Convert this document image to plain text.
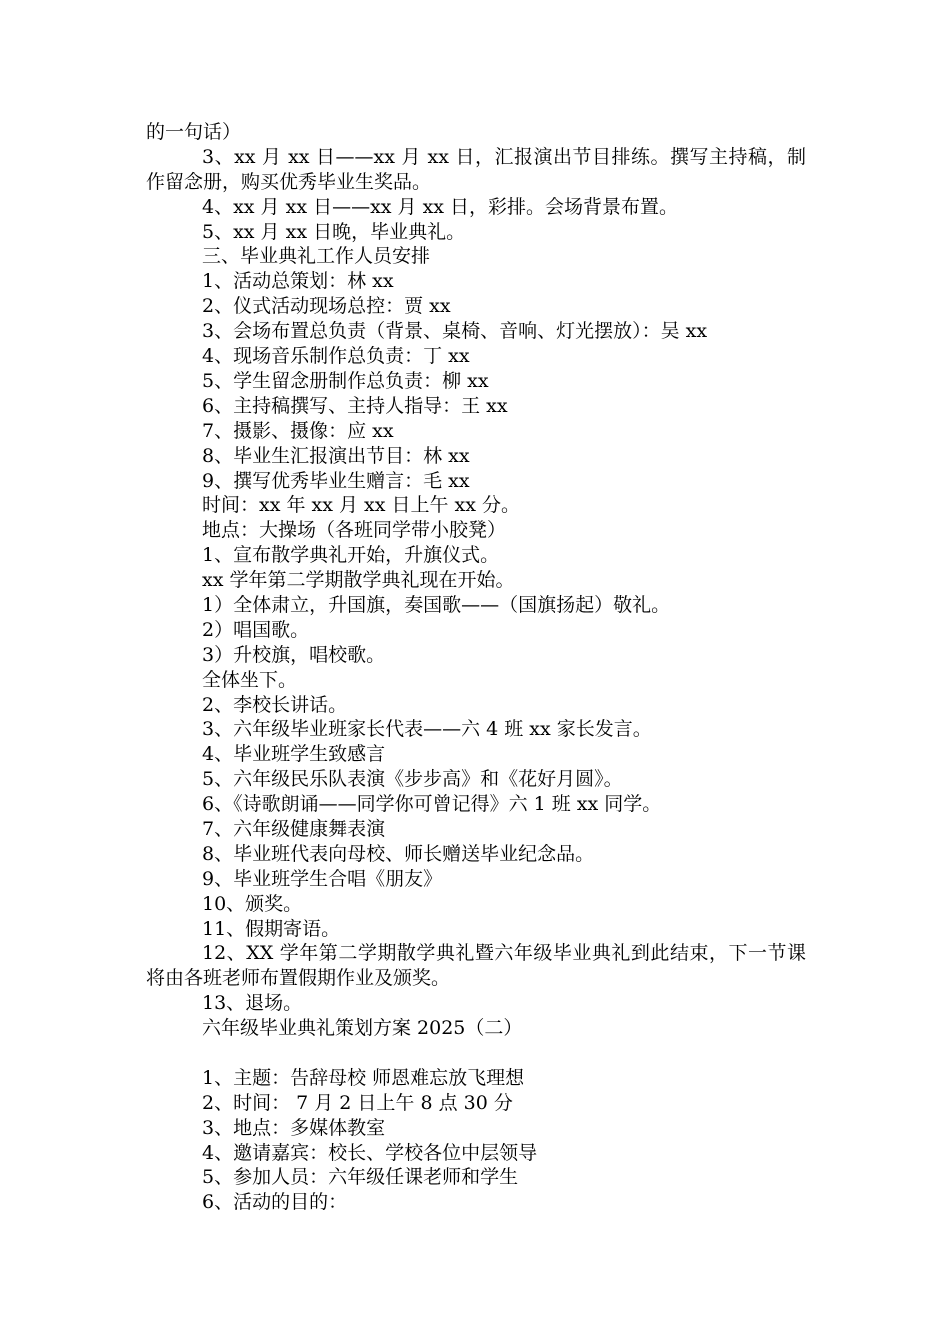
的一句话）
3、xx 月 xx 日——xx 月 xx 日，汇报演出节目排练。撰写主持稿，制作留念册，购买优秀毕业生奖品。
4、xx 月 xx 日——xx 月 xx 日，彩排。会场背景布置。
5、xx 月 xx 日晚，毕业典礼。
三、毕业典礼工作人员安排
1、活动总策划：林 xx
2、仪式活动现场总控：贾 xx
3、会场布置总负责（背景、桌椅、音响、灯光摆放）：吴 xx
4、现场音乐制作总负责：丁 xx
5、学生留念册制作总负责：柳 xx
6、主持稿撰写、主持人指导：王 xx
7、摄影、摄像：应 xx
8、毕业生汇报演出节目：林 xx
9、撰写优秀毕业生赠言：毛 xx
时间：xx 年 xx 月 xx 日上午 xx 分。
地点：大操场（各班同学带小胶凳）
1、宣布散学典礼开始，升旗仪式。
xx 学年第二学期散学典礼现在开始。
1）全体肃立，升国旗，奏国歌——（国旗扬起）敬礼。
2）唱国歌。
3）升校旗，唱校歌。
全体坐下。
2、李校长讲话。
3、六年级毕业班家长代表——六 4 班 xx 家长发言。
4、毕业班学生致感言
5、六年级民乐队表演《步步高》和《花好月圆》。
6、《诗歌朗诵——同学你可曾记得》六 1 班 xx 同学。
7、六年级健康舞表演
8、毕业班代表向母校、师长赠送毕业纪念品。
9、毕业班学生合唱《朋友》
10、颁奖。
11、假期寄语。
12、XX 学年第二学期散学典礼暨六年级毕业典礼到此结束，下一节课将由各班老师布置假期作业及颁奖。
13、退场。
六年级毕业典礼策划方案 2025（二）
1、主题：告辞母校 师恩难忘放飞理想
2、时间： 7 月 2 日上午 8 点 30 分
3、地点：多媒体教室
4、邀请嘉宾：校长、学校各位中层领导
5、参加人员：六年级任课老师和学生
6、活动的目的：
